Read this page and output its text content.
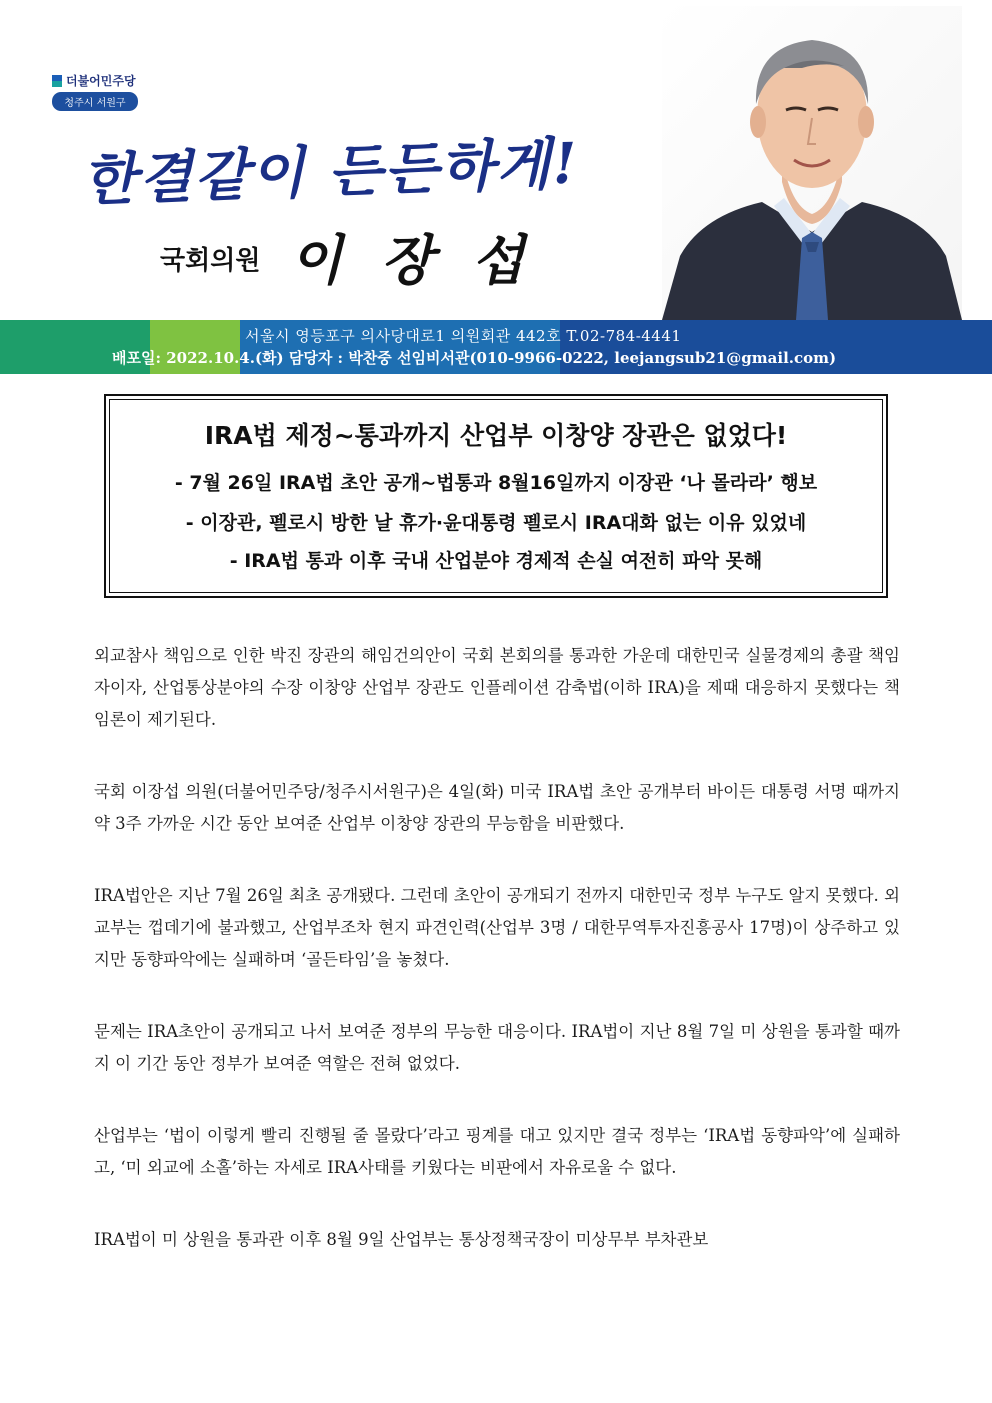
더불어민주당
청주시 서원구
한결같이 든든하게!
국회의원 이 장 섭
서울시 영등포구 의사당대로1 의원회관 442호 T.02-784-4441
배포일: 2022.10.4.(화) 담당자 : 박찬중 선임비서관(010-9966-0222, leejangsub21@gmail.com)
IRA법 제정~통과까지 산업부 이창양 장관은 없었다!
- 7월 26일 IRA법 초안 공개~법통과 8월16일까지 이장관 ‘나 몰라라’ 행보
- 이장관, 펠로시 방한 날 휴가·윤대통령 펠로시 IRA대화 없는 이유 있었네
- IRA법 통과 이후 국내 산업분야 경제적 손실 여전히 파악 못해

외교참사 책임으로 인한 박진 장관의 해임건의안이 국회 본회의를 통과한 가운데 대한민국 실물경제의 총괄 책임자이자, 산업통상분야의 수장 이창양 산업부 장관도 인플레이션 감축법(이하 IRA)을 제때 대응하지 못했다는 책임론이 제기된다.

국회 이장섭 의원(더불어민주당/청주시서원구)은 4일(화) 미국 IRA법 초안 공개부터 바이든 대통령 서명 때까지 약 3주 가까운 시간 동안 보여준 산업부 이창양 장관의 무능함을 비판했다.

IRA법안은 지난 7월 26일 최초 공개됐다. 그런데 초안이 공개되기 전까지 대한민국 정부 누구도 알지 못했다. 외교부는 껍데기에 불과했고, 산업부조차 현지 파견인력(산업부 3명 / 대한무역투자진흥공사 17명)이 상주하고 있지만 동향파악에는 실패하며 ‘골든타임’을 놓쳤다.

문제는 IRA초안이 공개되고 나서 보여준 정부의 무능한 대응이다. IRA법이 지난 8월 7일 미 상원을 통과할 때까지 이 기간 동안 정부가 보여준 역할은 전혀 없었다.

산업부는 ‘법이 이렇게 빨리 진행될 줄 몰랐다’라고 핑계를 대고 있지만 결국 정부는 ‘IRA법 동향파악’에 실패하고, ‘미 외교에 소홀’하는 자세로 IRA사태를 키웠다는 비판에서 자유로울 수 없다.

IRA법이 미 상원을 통과관 이후 8월 9일 산업부는 통상정책국장이 미상무부 부차관보
